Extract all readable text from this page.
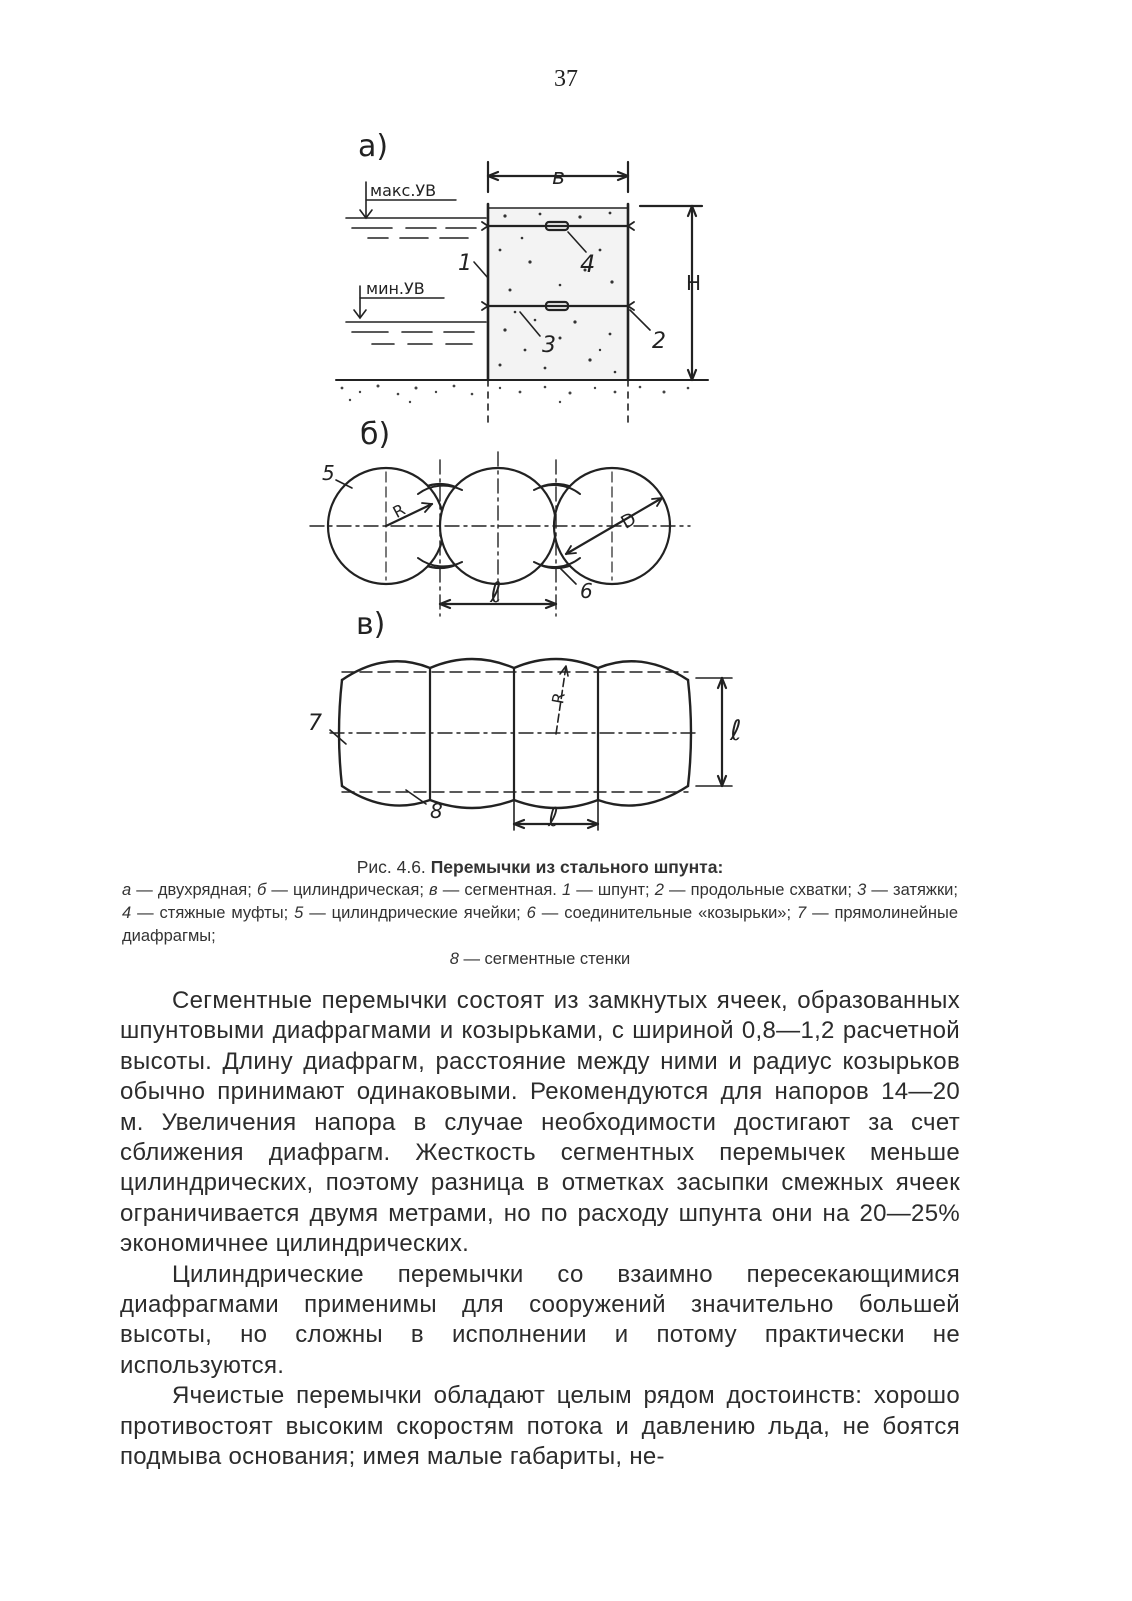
37
а)
в
4
1
3	2
Н
макс.УВ
мин.УВ
б)
R	D
5
6
ℓ
в)
R
ℓ
ℓ
7
8
Рис. 4.6. Перемычки из стального шпунта:
а — двухрядная; б — цилиндрическая; в — сегментная. 1 — шпунт; 2 — продольные схватки; 3 — затяжки; 4 — стяжные муфты; 5 — цилиндрические ячейки; 6 — соединительные «козырьки»; 7 — прямолинейные диафрагмы;
8 — сегментные стенки

Сегментные перемычки состоят из замкнутых ячеек, образованных шпунтовыми диафрагмами и козырьками, с шириной 0,8—1,2 расчетной высоты. Длину диафрагм, расстояние между ними и радиус козырьков обычно принимают одинаковыми. Рекомендуются для напоров 14—20 м. Увеличения напора в случае необходимости достигают за счет сближения диафрагм. Жесткость сегментных перемычек меньше цилиндрических, поэтому разница в отметках засыпки смежных ячеек ограничивается двумя метрами, но по расходу шпунта они на 20—25% экономичнее цилиндрических.

Цилиндрические перемычки со взаимно пересекающимися диафрагмами применимы для сооружений значительно большей высоты, но сложны в исполнении и потому практически не используются.

Ячеистые перемычки обладают целым рядом достоинств: хорошо противостоят высоким скоростям потока и давлению льда, не боятся подмыва основания; имея малые габариты, не-
